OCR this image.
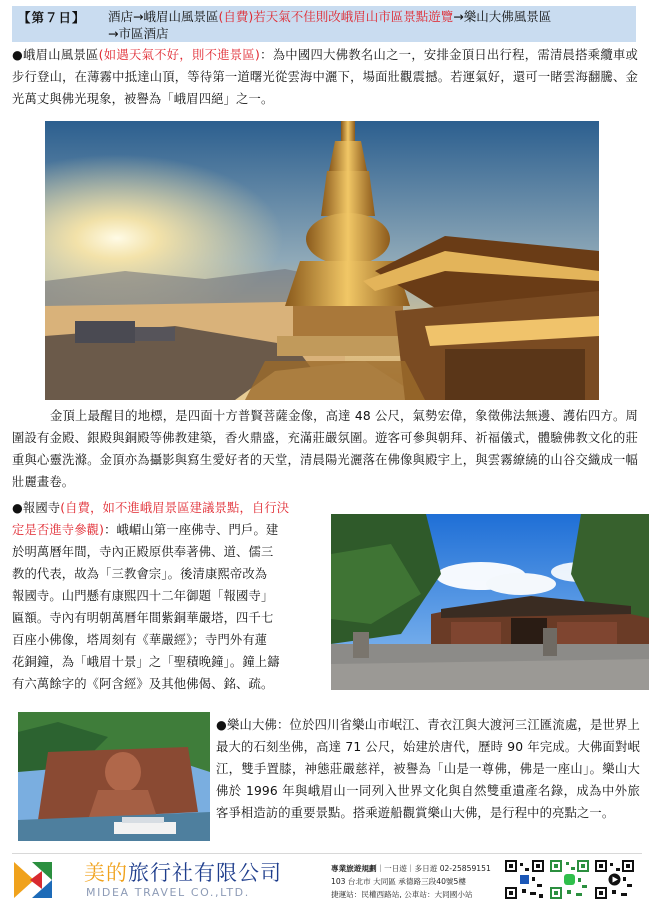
【第７日】 酒店→峨眉山風景區(自費)若天氣不佳則改峨眉山市區景點遊覽→樂山大佛風景區
→市區酒店
●峨眉山風景區(如遇天氣不好，則不進景區)：為中國四大佛教名山之一，安排金頂日出行程，需清晨搭乘纜車或步行登山，在薄霧中抵達山頂，等待第一道曙光從雲海中灑下，場面壯觀震撼。若運氣好，還可一睹雲海翻騰、金光萬丈與佛光現象，被譽為「峨眉四絕」之一。
金頂上最醒目的地標，是四面十方普賢菩薩金像，高達 48 公尺，氣勢宏偉，象徵佛法無邊、護佑四方。周圍設有金殿、銀殿與銅殿等佛教建築，香火鼎盛，充滿莊嚴氛圍。遊客可參與朝拜、祈福儀式，體驗佛教文化的莊重與心靈洗滌。金頂亦為攝影與寫生愛好者的天堂，清晨陽光灑落在佛像與殿宇上，與雲霧繚繞的山谷交織成一幅壯麗畫卷。
●報國寺(自費，如不進峨眉景區建議景點，自行決
定是否進寺參觀)：峨嵋山第一座佛寺、門戶。建
於明萬曆年間，寺內正殿原供奉著佛、道、儒三
教的代表，故為「三教會宗」。後清康熙帝改為
報國寺。山門懸有康熙四十二年御題「報國寺」
匾額。寺內有明朝萬曆年間紫銅華嚴塔，四千七
百座小佛像，塔周刻有《華嚴經》；寺門外有蓮
花銅鐘，為「峨眉十景」之「聖積晚鐘」。鐘上鑄
有六萬餘字的《阿含經》及其他佛偈、銘、疏。
●樂山大佛：位於四川省樂山市岷江、青衣江與大渡河三江匯流處，是世界上最大的石刻坐佛，高達 71 公尺，始建於唐代，歷時 90 年完成。大佛面對岷江，雙手置膝，神態莊嚴慈祥，被譽為「山是一尊佛，佛是一座山」。樂山大佛於 1996 年與峨眉山一同列入世界文化與自然雙重遺產名錄，成為中外旅客爭相造訪的重要景點。搭乘遊船觀賞樂山大佛，是行程中的亮點之一。
美的旅行社有限公司
MIDEA TRAVEL CO.,LTD.
專業旅遊規劃｜一日遊｜多日遊 02-25859151
103 台北市 大同區 承德路三段40號5樓
捷運站：民權西路站, 公車站：大同國小站
